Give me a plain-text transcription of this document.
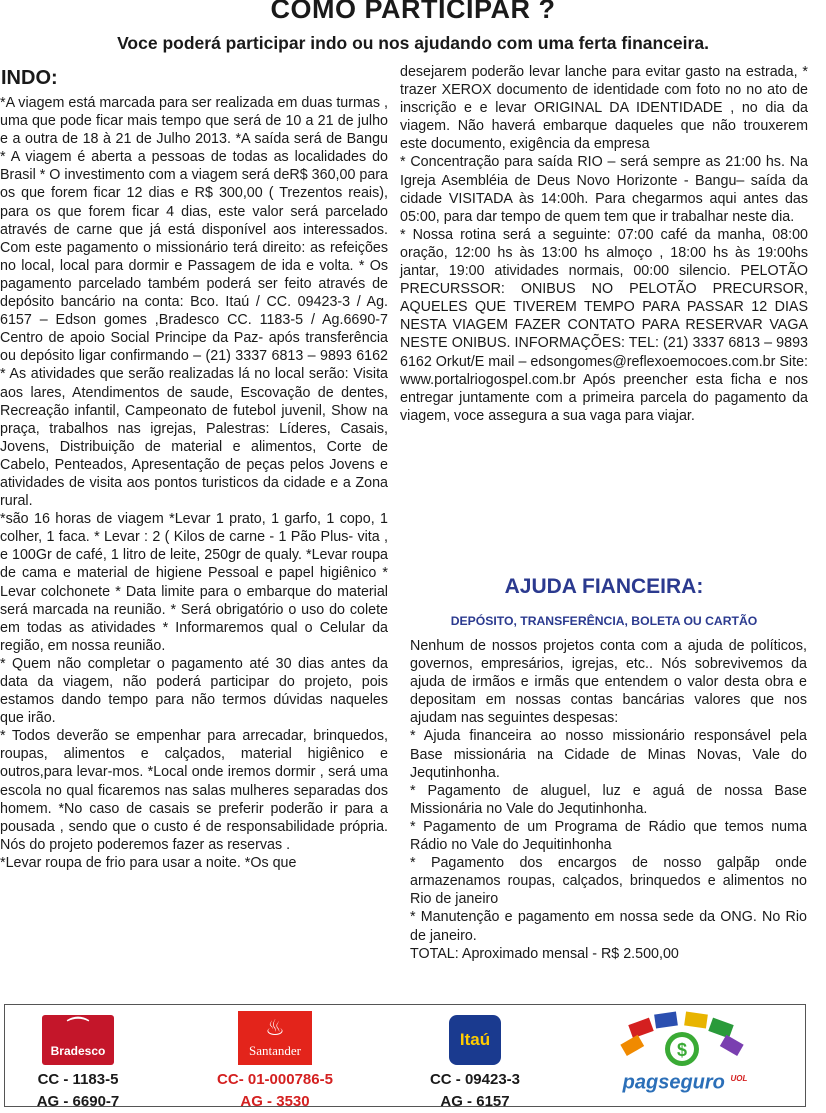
COMO PARTICIPAR ?
Voce poderá participar indo ou nos ajudando com uma ferta financeira.
INDO:

*A viagem está marcada para ser realizada em duas turmas , uma que pode ficar mais tempo que será de 10 a 21 de julho e a outra de 18 à 21 de Julho 2013. *A saída será de Bangu * A viagem é aberta a pessoas de todas as localidades do Brasil * O investimento com a viagem será deR$ 360,00 para os que forem ficar 12 dias e R$ 300,00 ( Trezentos reais), para os que forem ficar 4 dias, este valor será parcelado através de carne que já está disponível aos interessados. Com este pagamento o missionário terá direito: as refeições no local, local para dormir e Passagem de ida e volta. * Os pagamento parcelado também poderá ser feito através de depósito bancário na conta: Bco. Itaú / CC. 09423-3 / Ag. 6157 – Edson gomes ,Bradesco CC. 1183-5 / Ag.6690-7 Centro de apoio Social Principe da Paz- após transferência ou depósito ligar confirmando – (21) 3337 6813 – 9893 6162 * As atividades que serão realizadas lá no local serão: Visita aos lares, Atendimentos de saude, Escovação de dentes, Recreação infantil, Campeonato de futebol juvenil, Show na praça, trabalhos nas igrejas, Palestras: Líderes, Casais, Jovens, Distribuição de material e alimentos, Corte de Cabelo, Penteados, Apresentação de peças pelos Jovens e atividades de visita aos pontos turisticos da cidade e a Zona rural.

*são 16 horas de viagem *Levar 1 prato, 1 garfo, 1 copo, 1 colher, 1 faca. * Levar : 2 ( Kilos de carne - 1 Pão Plus- vita , e 100Gr de café, 1 litro de leite, 250gr de qualy. *Levar roupa de cama e material de higiene Pessoal e papel higiênico * Levar colchonete * Data limite para o embarque do material será marcada na reunião. * Será obrigatório o uso do colete em todas as atividades * Informaremos qual o Celular da região, em nossa reunião.

* Quem não completar o pagamento até 30 dias antes da data da viagem, não poderá participar do projeto, pois estamos dando tempo para não termos dúvidas naqueles que irão.

* Todos deverão se empenhar para arrecadar, brinquedos, roupas, alimentos e calçados, material higiênico e outros,para levar-mos. *Local onde iremos dormir , será uma escola no qual ficaremos nas salas mulheres separadas dos homem. *No caso de casais se preferir poderão ir para a pousada , sendo que o custo é de responsabilidade própria. Nós do projeto poderemos fazer as reservas .

*Levar roupa de frio para usar a noite. *Os que

desejarem poderão levar lanche para evitar gasto na estrada, * trazer XEROX documento de identidade com foto no no ato de inscrição e e levar ORIGINAL DA IDENTIDADE , no dia da viagem. Não haverá embarque daqueles que não trouxerem este documento, exigência da empresa

* Concentração para saída RIO – será sempre as 21:00 hs. Na Igreja Asembléia de Deus Novo Horizonte - Bangu– saída da cidade VISITADA às 14:00h. Para chegarmos aqui antes das 05:00, para dar tempo de quem tem que ir trabalhar neste dia.

* Nossa rotina será a seguinte: 07:00 café da manha, 08:00 oração, 12:00 hs às 13:00 hs almoço , 18:00 hs às 19:00hs jantar, 19:00 atividades normais, 00:00 silencio. PELOTÃO PRECURSSOR: ONIBUS NO PELOTÃO PRECURSOR, AQUELES QUE TIVEREM TEMPO PARA PASSAR 12 DIAS NESTA VIAGEM FAZER CONTATO PARA RESERVAR VAGA NESTE ONIBUS. INFORMAÇÕES: TEL: (21) 3337 6813 – 9893 6162 Orkut/E mail – edsongomes@reflexoemocoes.com.br Site: www.portalriogospel.com.br Após preencher esta ficha e nos entregar juntamente com a primeira parcela do pagamento da viagem, voce assegura a sua vaga para viajar.

AJUDA FIANCEIRA:
DEPÓSITO, TRANSFERÊNCIA, BOLETA OU CARTÃO

Nenhum de nossos projetos conta com a ajuda de políticos, governos, empresários, igrejas, etc.. Nós sobrevivemos da ajuda de irmãos e irmãs que entendem o valor desta obra e depositam em nossas contas bancárias valores que nos ajudam nas seguintes despesas:

* Ajuda financeira ao nosso missionário responsável pela Base missionária na Cidade de Minas Novas, Vale do Jequtinhonha.

* Pagamento de aluguel, luz e aguá de nossa Base Missionária no Vale do Jequtinhonha.

* Pagamento de um Programa de Rádio que temos numa Rádio no Vale do Jequitinhonha

* Pagamento dos encargos de nosso galpãp onde armazenamos roupas, calçados, brinquedos e alimentos no Rio de janeiro

* Manutenção e pagamento em nossa sede da ONG. No Rio de janeiro.

TOTAL: Aproximado mensal - R$ 2.500,00

⌒
Bradesco
CC - 1183-5
AG - 6690-7
♨
Santander
CC- 01-000786-5
AG - 3530
Itaú
CC - 09423-3
AG - 6157
$
pagseguro $^{UOL}$
